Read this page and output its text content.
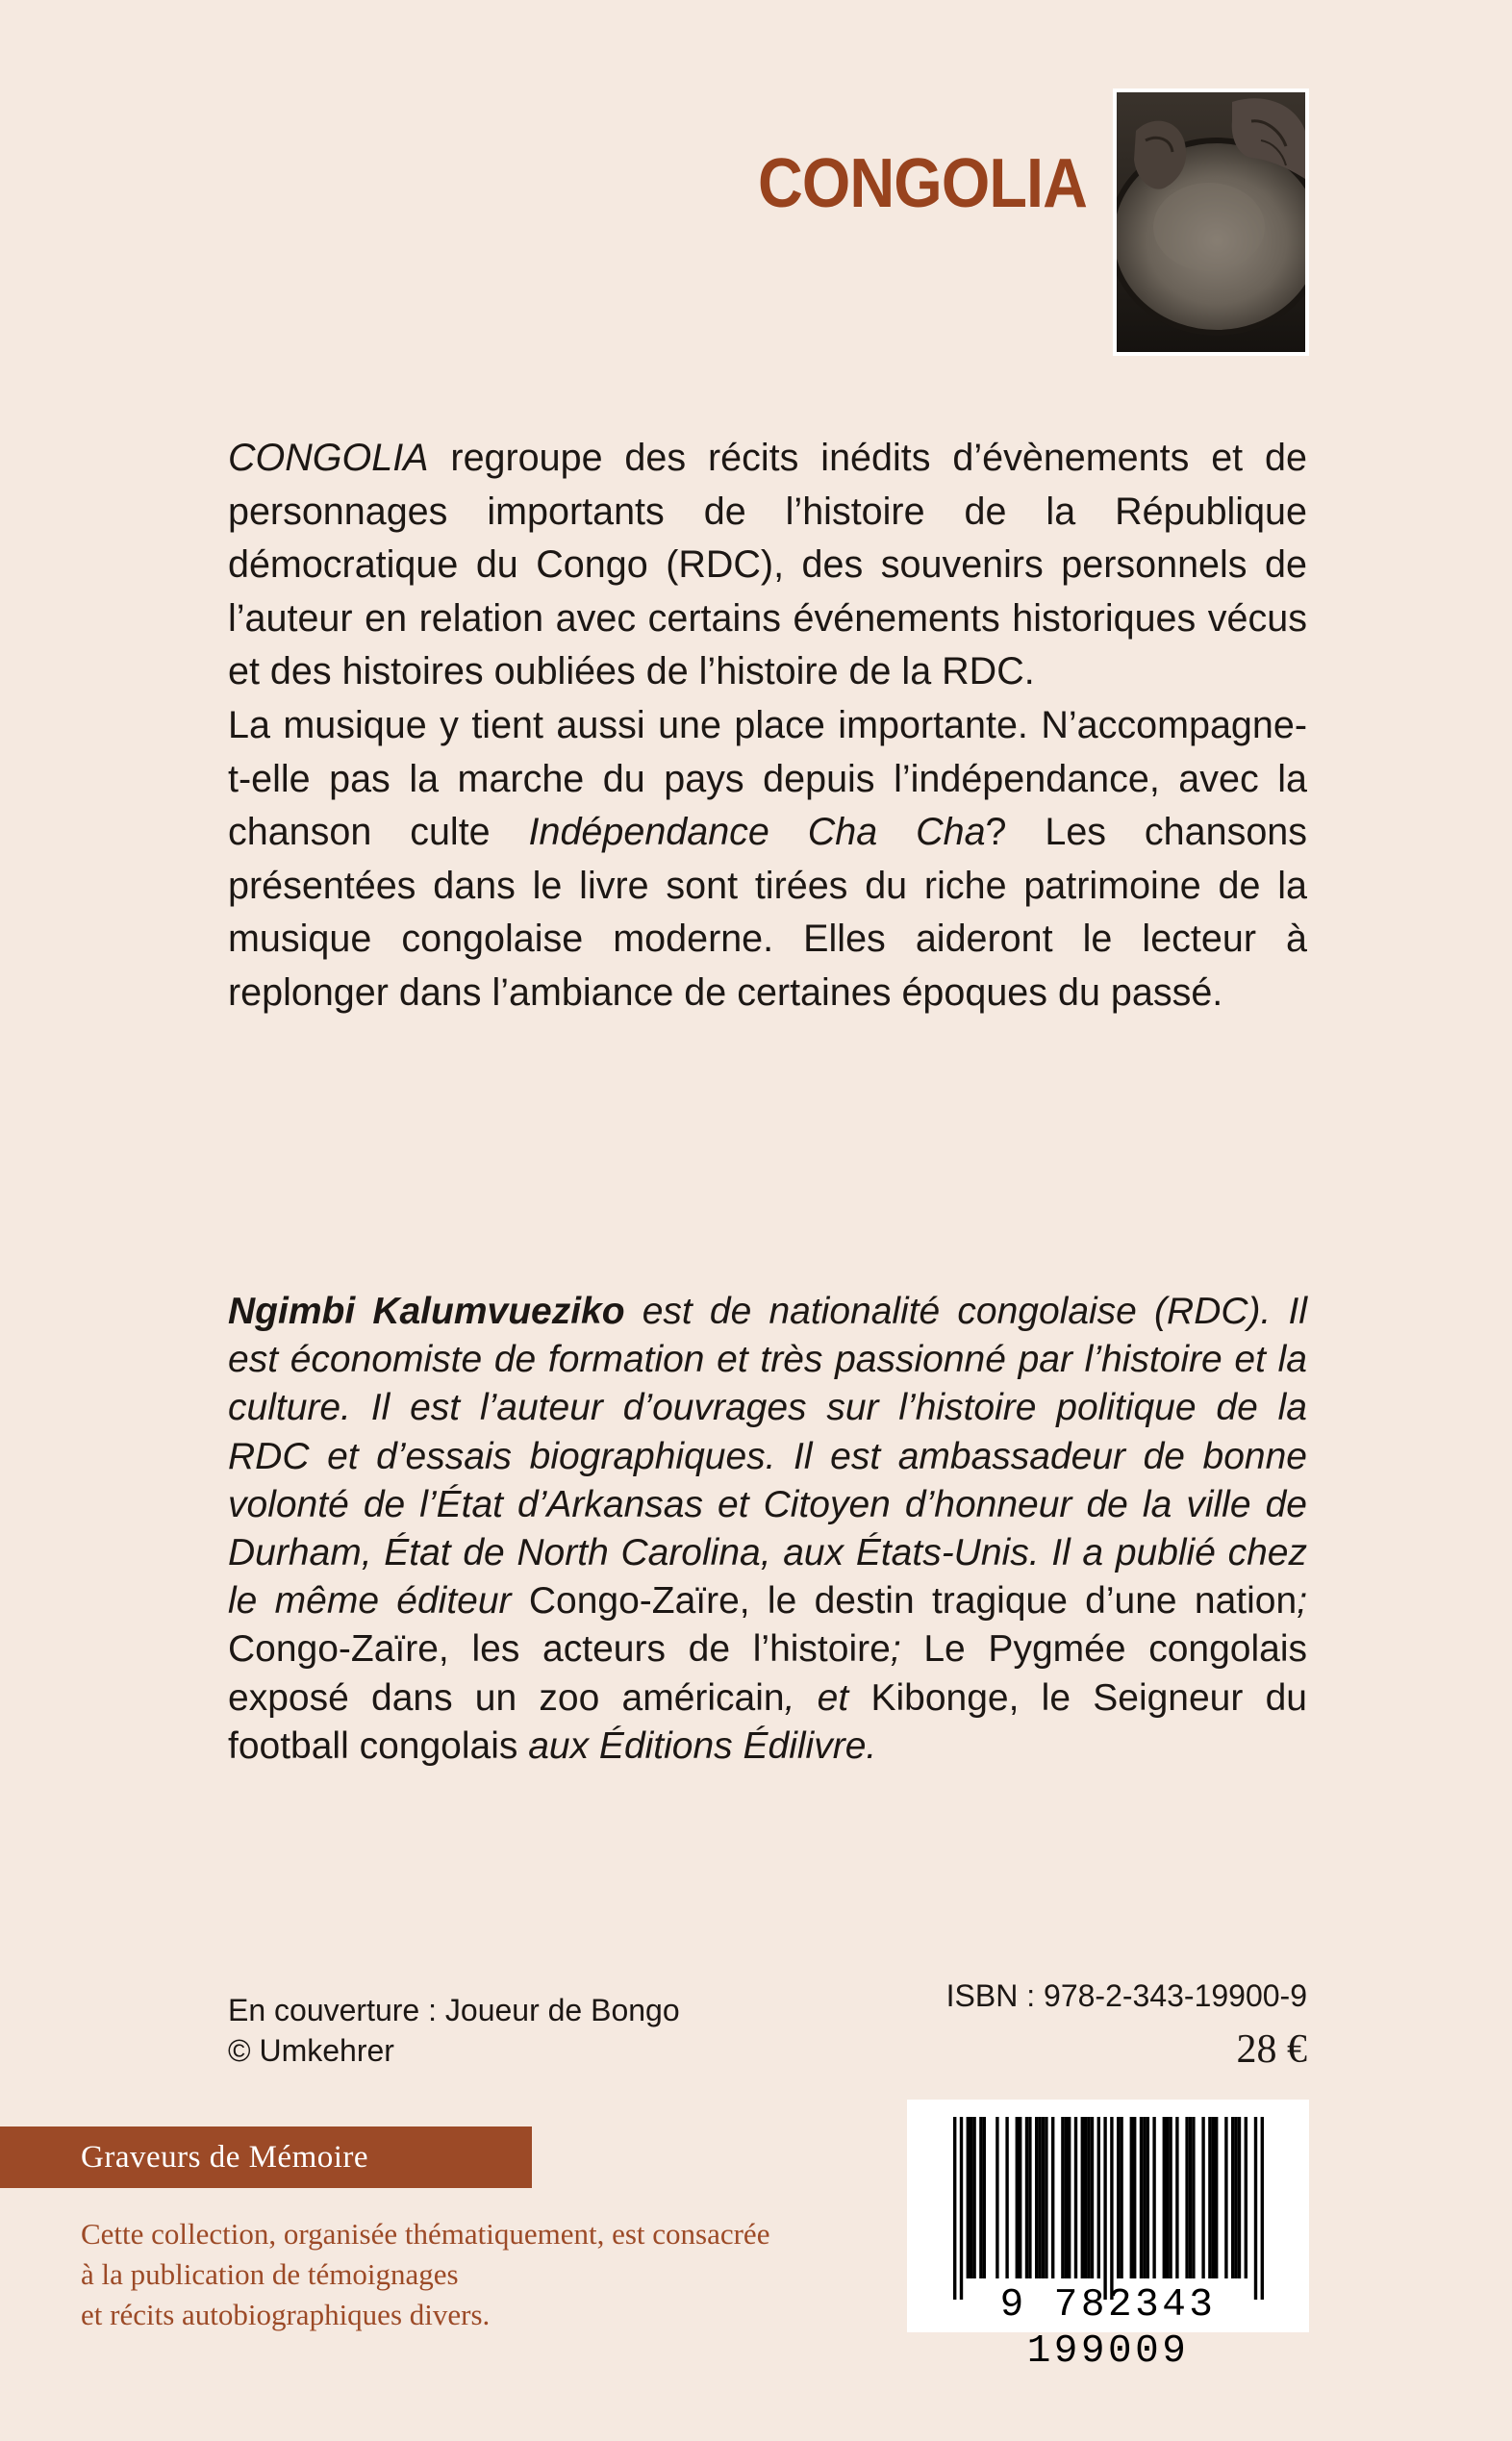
CONGOLIA

CONGOLIA regroupe des récits inédits d’évènements et de personnages importants de l’histoire de la République démocratique du Congo (RDC), des souvenirs personnels de l’auteur en relation avec certains événements historiques vécus et des histoires oubliées de l’histoire de la RDC.

La musique y tient aussi une place importante. N’accompagne-t-elle pas la marche du pays depuis l’indépendance, avec la chanson culte Indépendance Cha Cha? Les chansons présentées dans le livre sont tirées du riche patrimoine de la musique congolaise moderne. Elles aideront le lecteur à replonger dans l’ambiance de certaines époques du passé.

Ngimbi Kalumvueziko est de nationalité congolaise (RDC). Il est économiste de formation et très passionné par l’histoire et la culture. Il est l’auteur d’ouvrages sur l’histoire politique de la RDC et d’essais biographiques. Il est ambassadeur de bonne volonté de l’État d’Arkansas et Citoyen d’honneur de la ville de Durham, État de North Carolina, aux États-Unis. Il a publié chez le même éditeur Congo-Zaïre, le destin tragique d’une nation; Congo-Zaïre, les acteurs de l’histoire; Le Pygmée congolais exposé dans un zoo américain, et Kibonge, le Seigneur du football congolais aux Éditions Édilivre.

En couverture : Joueur de Bongo
© Umkehrer
ISBN : 978-2-343-19900-9
28 €
Graveurs de Mémoire
Cette collection, organisée thématiquement, est consacrée
à la publication de témoignages
et récits autobiographiques divers.	9 782343 199009
